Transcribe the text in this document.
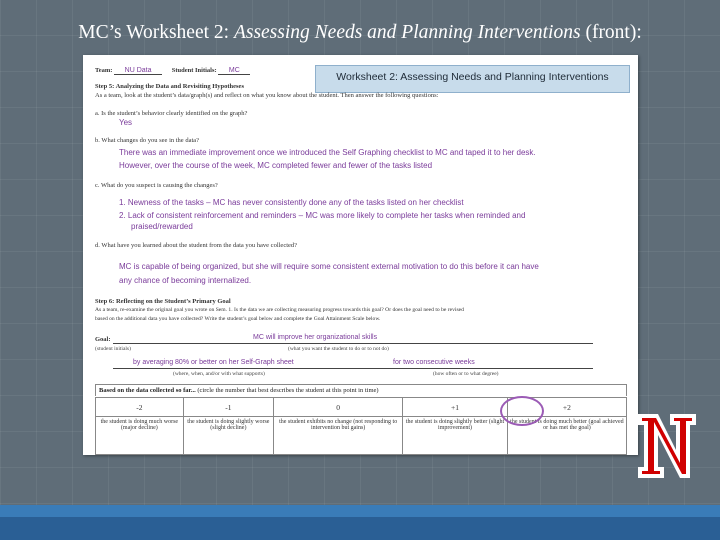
MC’s Worksheet 2: Assessing Needs and Planning Interventions (front):
Team: NU Data	Student Initials: MC
Worksheet 2: Assessing Needs and Planning Interventions
Step 5: Analyzing the Data and Revisiting Hypotheses
As a team, look at the student’s data/graph(s) and reflect on what you know about the student. Then answer the following questions:
a. Is the student’s behavior clearly identified on the graph?
Yes
b. What changes do you see in the data?
There was an immediate improvement once we introduced the Self Graphing checklist to MC and taped it to her desk.
However, over the course of the week, MC completed fewer and fewer of the tasks listed
c. What do you suspect is causing the changes?
1. Newness of the tasks – MC has never consistently done any of the tasks listed on her checklist
2. Lack of consistent reinforcement and reminders – MC was more likely to complete her tasks when reminded and
praised/rewarded
d. What have you learned about the student from the data you have collected?
MC is capable of being organized, but she will require some consistent external motivation to do this before it can have
any chance of becoming internalized.
Step 6: Reflecting on the Student’s Primary Goal
As a team, re-examine the original goal you wrote on Sem. 1. Is the data we are collecting measuring progress towards this goal? Or does the goal need to be revised
based on the additional data you have collected? Write the student’s goal below and complete the Goal Attainment Scale below.
Goal:	MC will improve her organizational skills
(student initials)	(what you want the student to do or to not do)
by averaging 80% or better on her Self-Graph sheet	for two consecutive weeks
(where, when, and/or with what supports)	(how often or to what degree)
Based on the data collected so far... (circle the number that best describes the student at this point in time)
-2	-1	0	+1	+2
the student is doing much worse (major decline)	the student is doing slightly worse (slight decline)	the student exhibits no change (not responding to intervention but gains)	the student is doing slightly better (slight improvement)	the student is doing much better (goal achieved or has met the goal)
